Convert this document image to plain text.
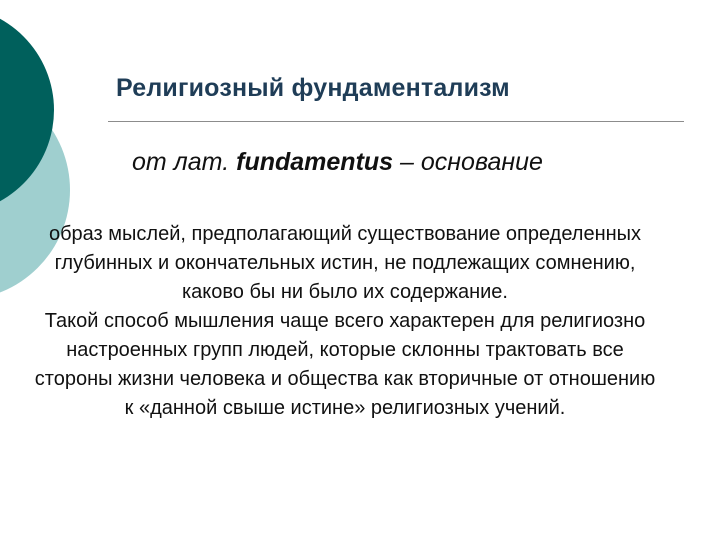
Религиозный фундаментализм
от лат. fundamentus – основание

образ мыслей, предполагающий существование определенных глубинных и окончательных истин, не подлежащих сомнению, каково бы ни было их содержание.

Такой способ мышления чаще всего характерен для религиозно настроенных групп людей, которые склонны трактовать все стороны жизни человека и общества как вторичные от отношению к «данной свыше истине» религиозных учений.
